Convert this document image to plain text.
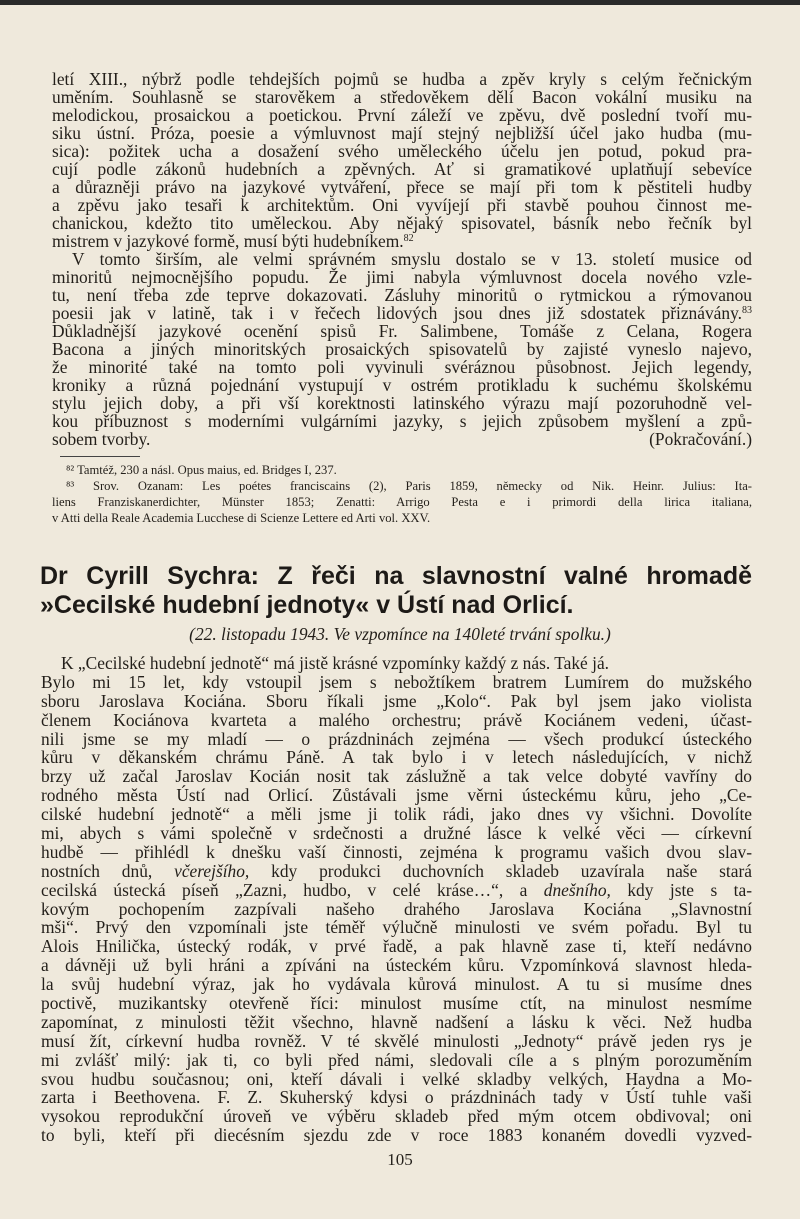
letí XIII., nýbrž podle tehdejších pojmů se hudba a zpěv kryly s celým řečnickým
uměním. Souhlasně se starověkem a středověkem dělí Bacon vokální musiku na
melodickou, prosaickou a poetickou. První záleží ve zpěvu, dvě poslední tvoří mu-
siku ústní. Próza, poesie a výmluvnost mají stejný nejbližší účel jako hudba (mu-
sica): požitek ucha a dosažení svého uměleckého účelu jen potud, pokud pra-
cují podle zákonů hudebních a zpěvných. Ať si gramatikové uplatňují sebevíce
a důrazněji právo na jazykové vytváření, přece se mají při tom k pěstiteli hudby
a zpěvu jako tesaři k architektům. Oni vyvíjejí při stavbě pouhou činnost me-
chanickou, kdežto tito uměleckou. Aby nějaký spisovatel, básník nebo řečník byl
mistrem v jazykové formě, musí býti hudebníkem.$^{82}$
V tomto širším, ale velmi správném smyslu dostalo se v 13. století musice od
minoritů nejmocnějšího popudu. Že jimi nabyla výmluvnost docela nového vzle-
tu, není třeba zde teprve dokazovati. Zásluhy minoritů o rytmickou a rýmovanou
poesii jak v latině, tak i v řečech lidových jsou dnes již sdostatek přiznávány.$^{83}$
Důkladnější jazykové ocenění spisů Fr. Salimbene, Tomáše z Celana, Rogera
Bacona a jiných minoritských prosaických spisovatelů by zajisté vyneslo najevo,
že minorité také na tomto poli vyvinuli svéráznou působnost. Jejich legendy,
kroniky a různá pojednání vystupují v ostrém protikladu k suchému školskému
stylu jejich doby, a při vší korektnosti latinského výrazu mají pozoruhodně vel-
kou příbuznost s moderními vulgárními jazyky, s jejich způsobem myšlení a způ-
sobem tvorby.	(Pokračování.)
⁸² Tamtéž, 230 a násl. Opus maius, ed. Bridges I, 237.
⁸³ Srov. Ozanam: Les poétes franciscains (2), Paris 1859, německy od Nik. Heinr. Julius: Ita-
liens Franziskanerdichter, Münster 1853; Zenatti: Arrigo Pesta e i primordi della lirica italiana,
v Atti della Reale Academia Lucchese di Scienze Lettere ed Arti vol. XXV.
Dr Cyrill Sychra: Z řeči na slavnostní valné hromadě
»Cecilské hudební jednoty« v Ústí nad Orlicí.
(22. listopadu 1943. Ve vzpomínce na 140leté trvání spolku.)
K „Cecilské hudební jednotě“ má jistě krásné vzpomínky každý z nás. Také já.
Bylo mi 15 let, kdy vstoupil jsem s nebožtíkem bratrem Lumírem do mužského
sboru Jaroslava Kociána. Sboru říkali jsme „Kolo“. Pak byl jsem jako violista
členem Kociánova kvarteta a malého orchestru; právě Kociánem vedeni, účast-
nili jsme se my mladí — o prázdninách zejména — všech produkcí ústeckého
kůru v děkanském chrámu Páně. A tak bylo i v letech následujících, v nichž
brzy už začal Jaroslav Kocián nosit tak záslužně a tak velce dobyté vavříny do
rodného města Ústí nad Orlicí. Zůstávali jsme věrni ústeckému kůru, jeho „Ce-
cilské hudební jednotě“ a měli jsme ji tolik rádi, jako dnes vy všichni. Dovolíte
mi, abych s vámi společně v srdečnosti a družné lásce k velké věci — církevní
hudbě — přihlédl k dnešku vaší činnosti, zejména k programu vašich dvou slav-
nostních dnů, včerejšího, kdy produkci duchovních skladeb uzavírala naše stará
cecilská ústecká píseň „Zazni, hudbo, v celé kráse…“, a dnešního, kdy jste s ta-
kovým pochopením zazpívali našeho drahého Jaroslava Kociána „Slavnostní
mši“. Prvý den vzpomínali jste téměř výlučně minulosti ve svém pořadu. Byl tu
Alois Hnilička, ústecký rodák, v prvé řadě, a pak hlavně zase ti, kteří nedávno
a dávněji už byli hráni a zpíváni na ústeckém kůru. Vzpomínková slavnost hleda-
la svůj hudební výraz, jak ho vydávala kůrová minulost. A tu si musíme dnes
poctivě, muzikantsky otevřeně říci: minulost musíme ctít, na minulost nesmíme
zapomínat, z minulosti těžit všechno, hlavně nadšení a lásku k věci. Než hudba
musí žít, církevní hudba rovněž. V té skvělé minulosti „Jednoty“ právě jeden rys je
mi zvlášť milý: jak ti, co byli před námi, sledovali cíle a s plným porozuměním
svou hudbu současnou; oni, kteří dávali i velké skladby velkých, Haydna a Mo-
zarta i Beethovena. F. Z. Skuherský kdysi o prázdninách tady v Ústí tuhle vaši
vysokou reprodukční úroveň ve výběru skladeb před mým otcem obdivoval; oni
to byli, kteří při diecésním sjezdu zde v roce 1883 konaném dovedli vyzved-
105
